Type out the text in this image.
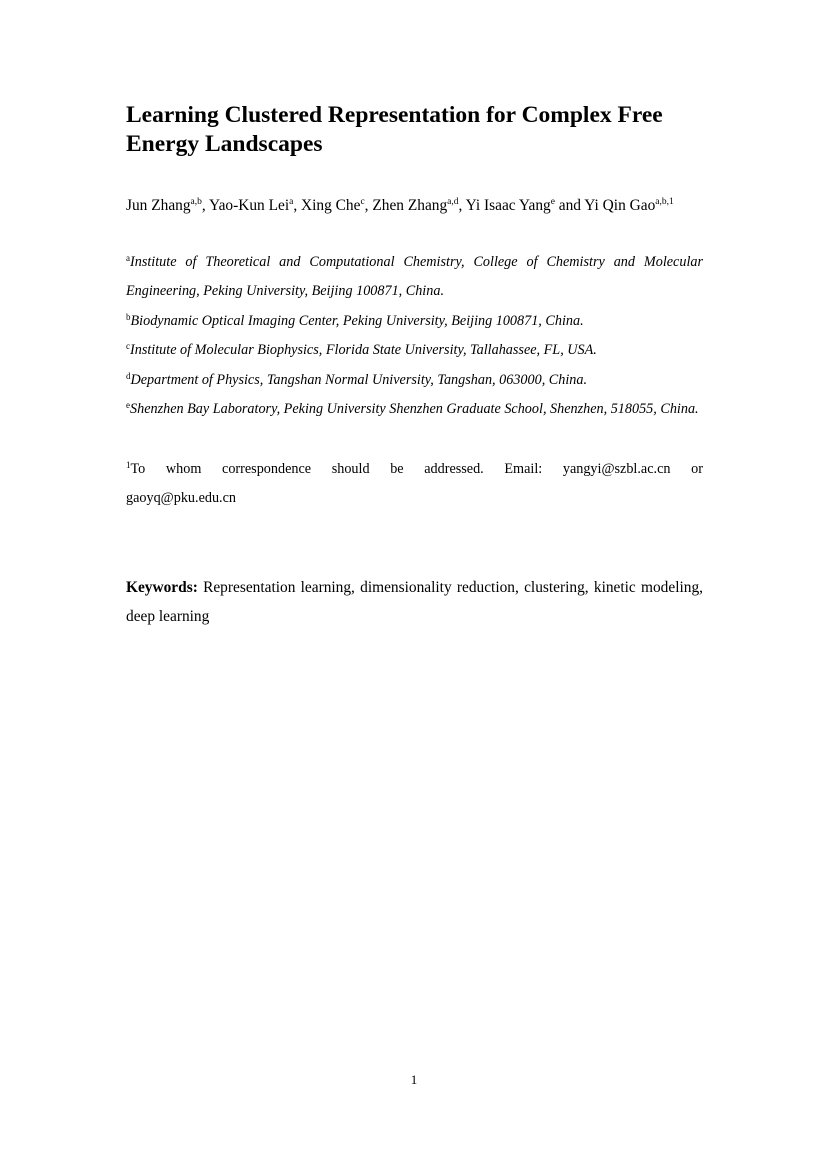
Learning Clustered Representation for Complex Free Energy Landscapes
Jun Zhang$^{a,b}$, Yao-Kun Lei$^a$, Xing Che$^c$, Zhen Zhang$^{a,d}$, Yi Isaac Yang$^e$ and Yi Qin Gao$^{a,b,1}$
$^a$Institute of Theoretical and Computational Chemistry, College of Chemistry and Molecular Engineering, Peking University, Beijing 100871, China.
$^b$Biodynamic Optical Imaging Center, Peking University, Beijing 100871, China.
$^c$Institute of Molecular Biophysics, Florida State University, Tallahassee, FL, USA.
$^d$Department of Physics, Tangshan Normal University, Tangshan, 063000, China.
$^e$Shenzhen Bay Laboratory, Peking University Shenzhen Graduate School, Shenzhen, 518055, China.
$^1$To whom correspondence should be addressed. Email: yangyi@szbl.ac.cn or
gaoyq@pku.edu.cn
Keywords: Representation learning, dimensionality reduction, clustering, kinetic modeling, deep learning
1
